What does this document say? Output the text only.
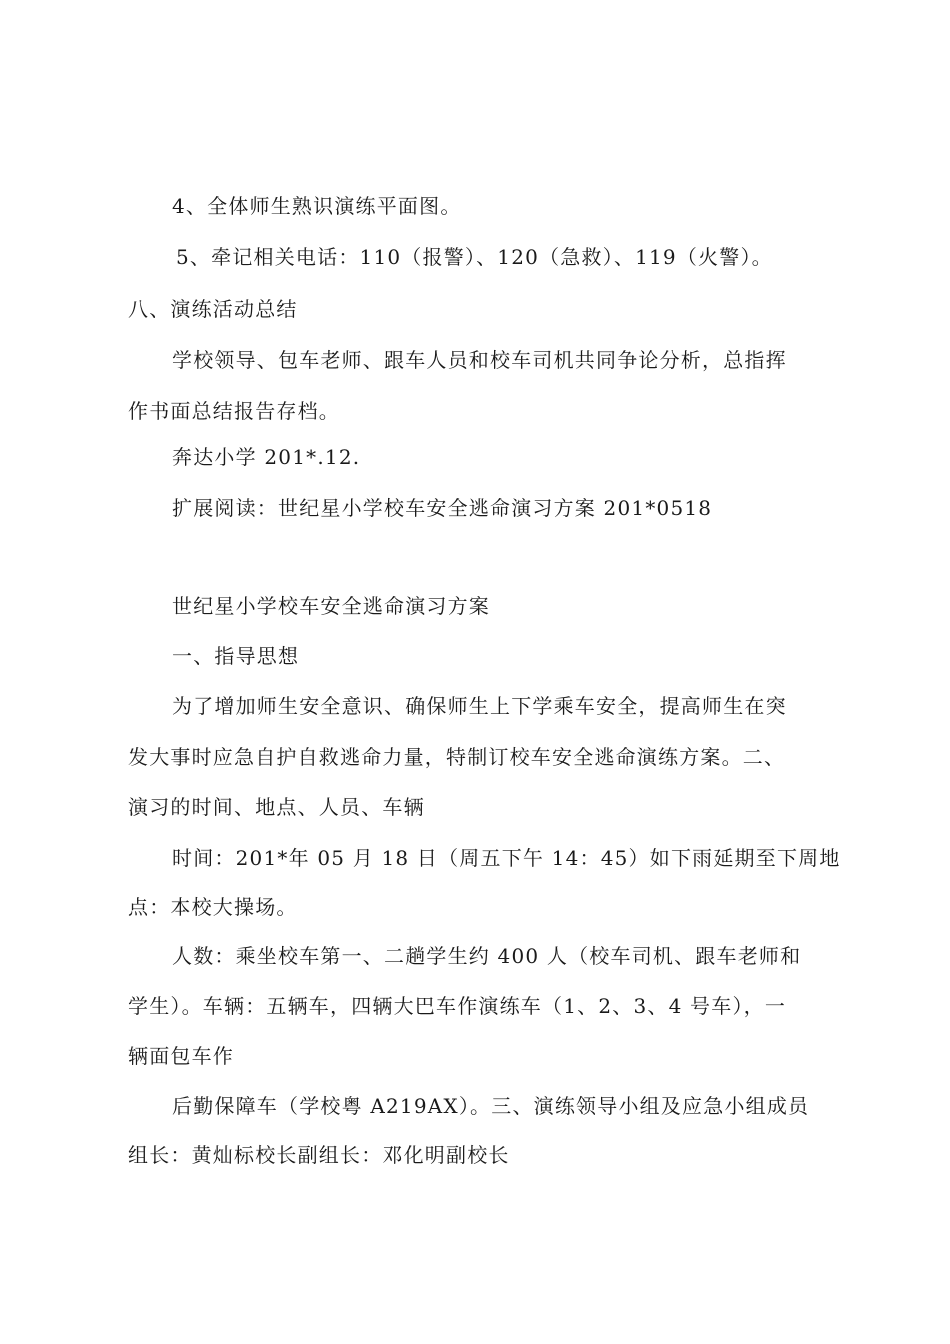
4、全体师生熟识演练平面图。
5、牵记相关电话：110（报警）、120（急救）、119（火警）。
八、演练活动总结
学校领导、包车老师、跟车人员和校车司机共同争论分析，总指挥
作书面总结报告存档。
奔达小学 201*.12.
扩展阅读：世纪星小学校车安全逃命演习方案 201*0518
世纪星小学校车安全逃命演习方案
一、指导思想
为了增加师生安全意识、确保师生上下学乘车安全，提高师生在突
发大事时应急自护自救逃命力量，特制订校车安全逃命演练方案。二、
演习的时间、地点、人员、车辆
时间：201*年 05 月 18 日（周五下午 14：45）如下雨延期至下周地
点：本校大操场。
人数：乘坐校车第一、二趟学生约 400 人（校车司机、跟车老师和
学生）。车辆：五辆车，四辆大巴车作演练车（1、2、3、4 号车），一
辆面包车作
后勤保障车（学校粤 A219AX）。三、演练领导小组及应急小组成员
组长：黄灿标校长副组长：邓化明副校长
